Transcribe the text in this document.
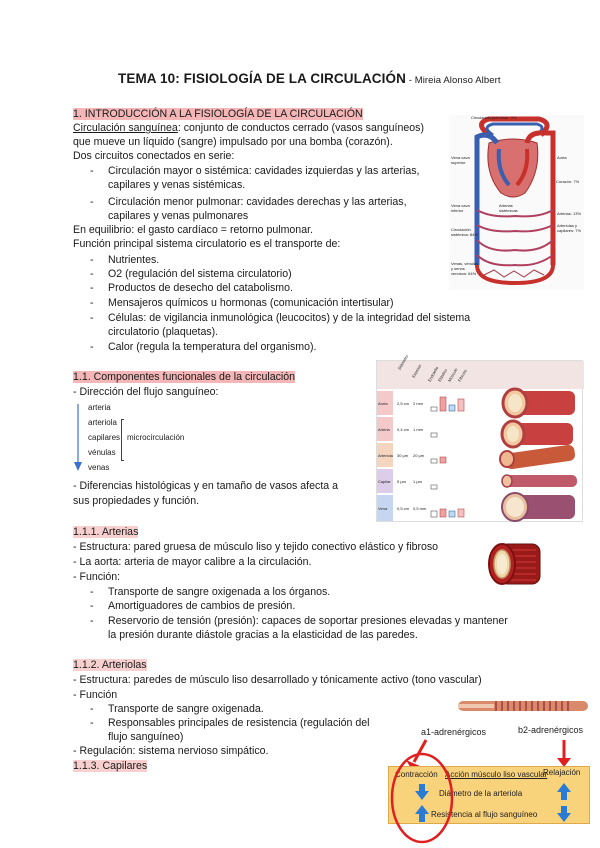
TEMA 10: FISIOLOGÍA DE LA CIRCULACIÓN - Mireia Alonso Albert
1. INTRODUCCIÓN A LA FISIOLOGÍA DE LA CIRCULACIÓN
Circulación sanguínea: conjunto de conductos cerrado (vasos sanguíneos)
que mueve un líquido (sangre) impulsado por una bomba (corazón).
Dos circuitos conectados en serie:
- Circulación mayor o sistémica: cavidades izquierdas y las arterias,
capilares y venas sistémicas.
- Circulación menor pulmonar: cavidades derechas y las arterias,
capilares y venas pulmonares
En equilibrio: el gasto cardíaco = retorno pulmonar.
Función principal sistema circulatorio es el transporte de:
- Nutrientes.
- O2 (regulación del sistema circulatorio)
- Productos de desecho del catabolismo.
- Mensajeros químicos u hormonas (comunicación intertisular)
- Células: de vigilancia inmunológica (leucocitos) y de la integridad del sistema
circulatorio (plaquetas).
- Calor (regula la temperatura del organismo).
Circulación pulmonar: 9%
Vena cava superior
Aorta
Corazón: 7%
Vena cava inferior
Arterias sistémicas
Arterias: 13%
Circulación sistémica: 84%
Arteriolas y capilares: 7%
Venas, vénulas y senos venosos: 64%
1.1. Componentes funcionales de la circulación
- Dirección del flujo sanguíneo:
arteria
arteriola
capilares
vénulas
venas
microcirculación
- Diferencias histológicas y en tamaño de vasos afecta a
sus propiedades y función.
Diámetro
Espesor	Endotelio
Elástico
Músculo
Fibroso
Aorta
Arteria
Arteriola
Capilar
Vena
2,5 cm
0,4 cm
30 µm
5 µm
0,5 cm
2 mm
1 mm
20 µm
1 µm
0,5 mm
1.1.1. Arterias
- Estructura: pared gruesa de músculo liso y tejido conectivo elástico y fibroso
- La aorta: arteria de mayor calibre a la circulación.
- Función:
- Transporte de sangre oxigenada a los órganos.
- Amortiguadores de cambios de presión.
- Reservorio de tensión (presión): capaces de soportar presiones elevadas y mantener
la presión durante diástole gracias a la elasticidad de las paredes.
1.1.2. Arteriolas
- Estructura: paredes de músculo liso desarrollado y tónicamente activo (tono vascular)
- Función
- Transporte de sangre oxigenada.
- Responsables principales de resistencia (regulación del
flujo sanguíneo)
- Regulación: sistema nervioso simpático.
1.1.3. Capilares
a1-adrenérgicos	b2-adrenérgicos
Contracción Acción músculo liso vascular
Relajación
Diámetro de la arteriola
Resistencia al flujo sanguíneo
